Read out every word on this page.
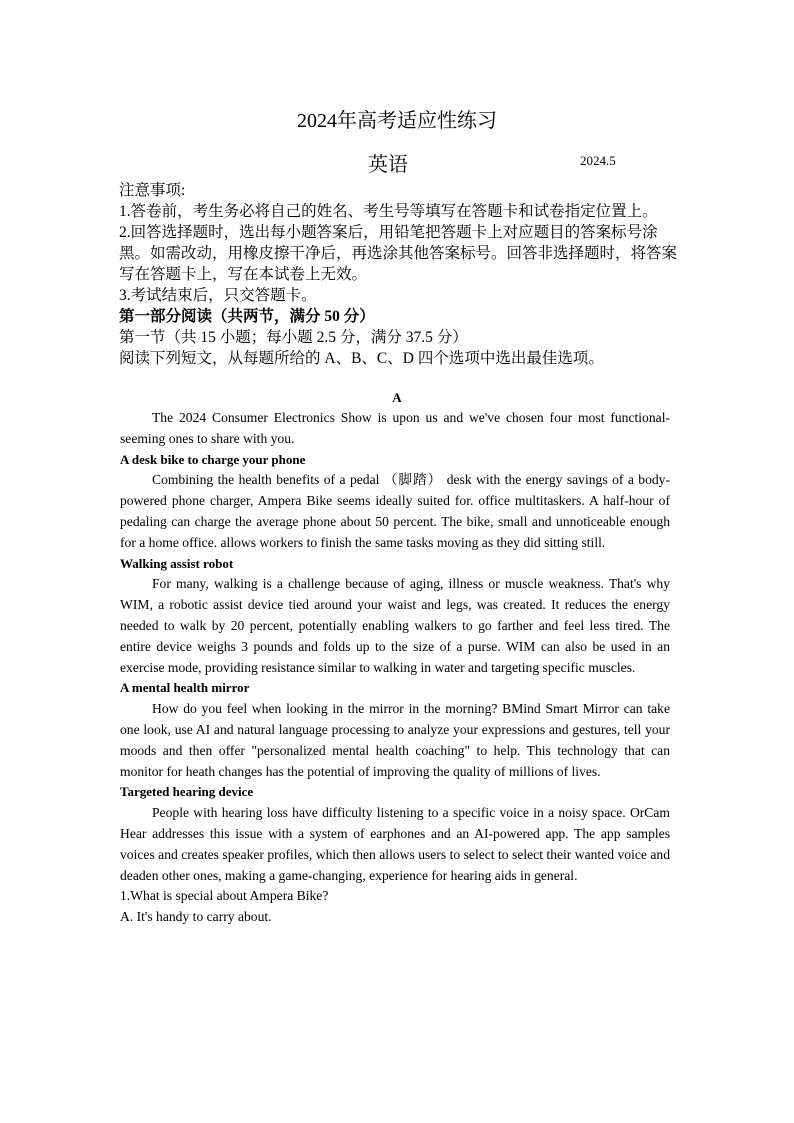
2024年高考适应性练习
英语	2024.5
注意事项:
1.答卷前，考生务必将自己的姓名、考生号等填写在答题卡和试卷指定位置上。
2.回答选择题时，选出每小题答案后，用铅笔把答题卡上对应题目的答案标号涂黑。如需改动，用橡皮擦干净后，再选涂其他答案标号。回答非选择题时，将答案写在答题卡上，写在本试卷上无效。
3.考试结束后，只交答题卡。
第一部分阅读（共两节，满分 50 分）
第一节（共 15 小题；每小题 2.5 分，满分 37.5 分）
阅读下列短文，从每题所给的 A、B、C、D 四个选项中选出最佳选项。
A

The 2024 Consumer Electronics Show is upon us and we've chosen four most functional-seeming ones to share with you.

A desk bike to charge your phone

Combining the health benefits of a pedal （脚踏） desk with the energy savings of a body-powered phone charger, Ampera Bike seems ideally suited for. office multitaskers. A half-hour of pedaling can charge the average phone about 50 percent. The bike, small and unnoticeable enough for a home office. allows workers to finish the same tasks moving as they did sitting still.

Walking assist robot

For many, walking is a challenge because of aging, illness or muscle weakness. That's why WIM, a robotic assist device tied around your waist and legs, was created. It reduces the energy needed to walk by 20 percent, potentially enabling walkers to go farther and feel less tired. The entire device weighs 3 pounds and folds up to the size of a purse. WIM can also be used in an exercise mode, providing resistance similar to walking in water and targeting specific muscles.

A mental health mirror

How do you feel when looking in the mirror in the morning? BMind Smart Mirror can take one look, use AI and natural language processing to analyze your expressions and gestures, tell your moods and then offer "personalized mental health coaching" to help. This technology that can monitor for heath changes has the potential of improving the quality of millions of lives.

Targeted hearing device

People with hearing loss have difficulty listening to a specific voice in a noisy space. OrCam Hear addresses this issue with a system of earphones and an AI-powered app. The app samples voices and creates speaker profiles, which then allows users to select to select their wanted voice and deaden other ones, making a game-changing, experience for hearing aids in general.

1.What is special about Ampera Bike?

A. It's handy to carry about.
